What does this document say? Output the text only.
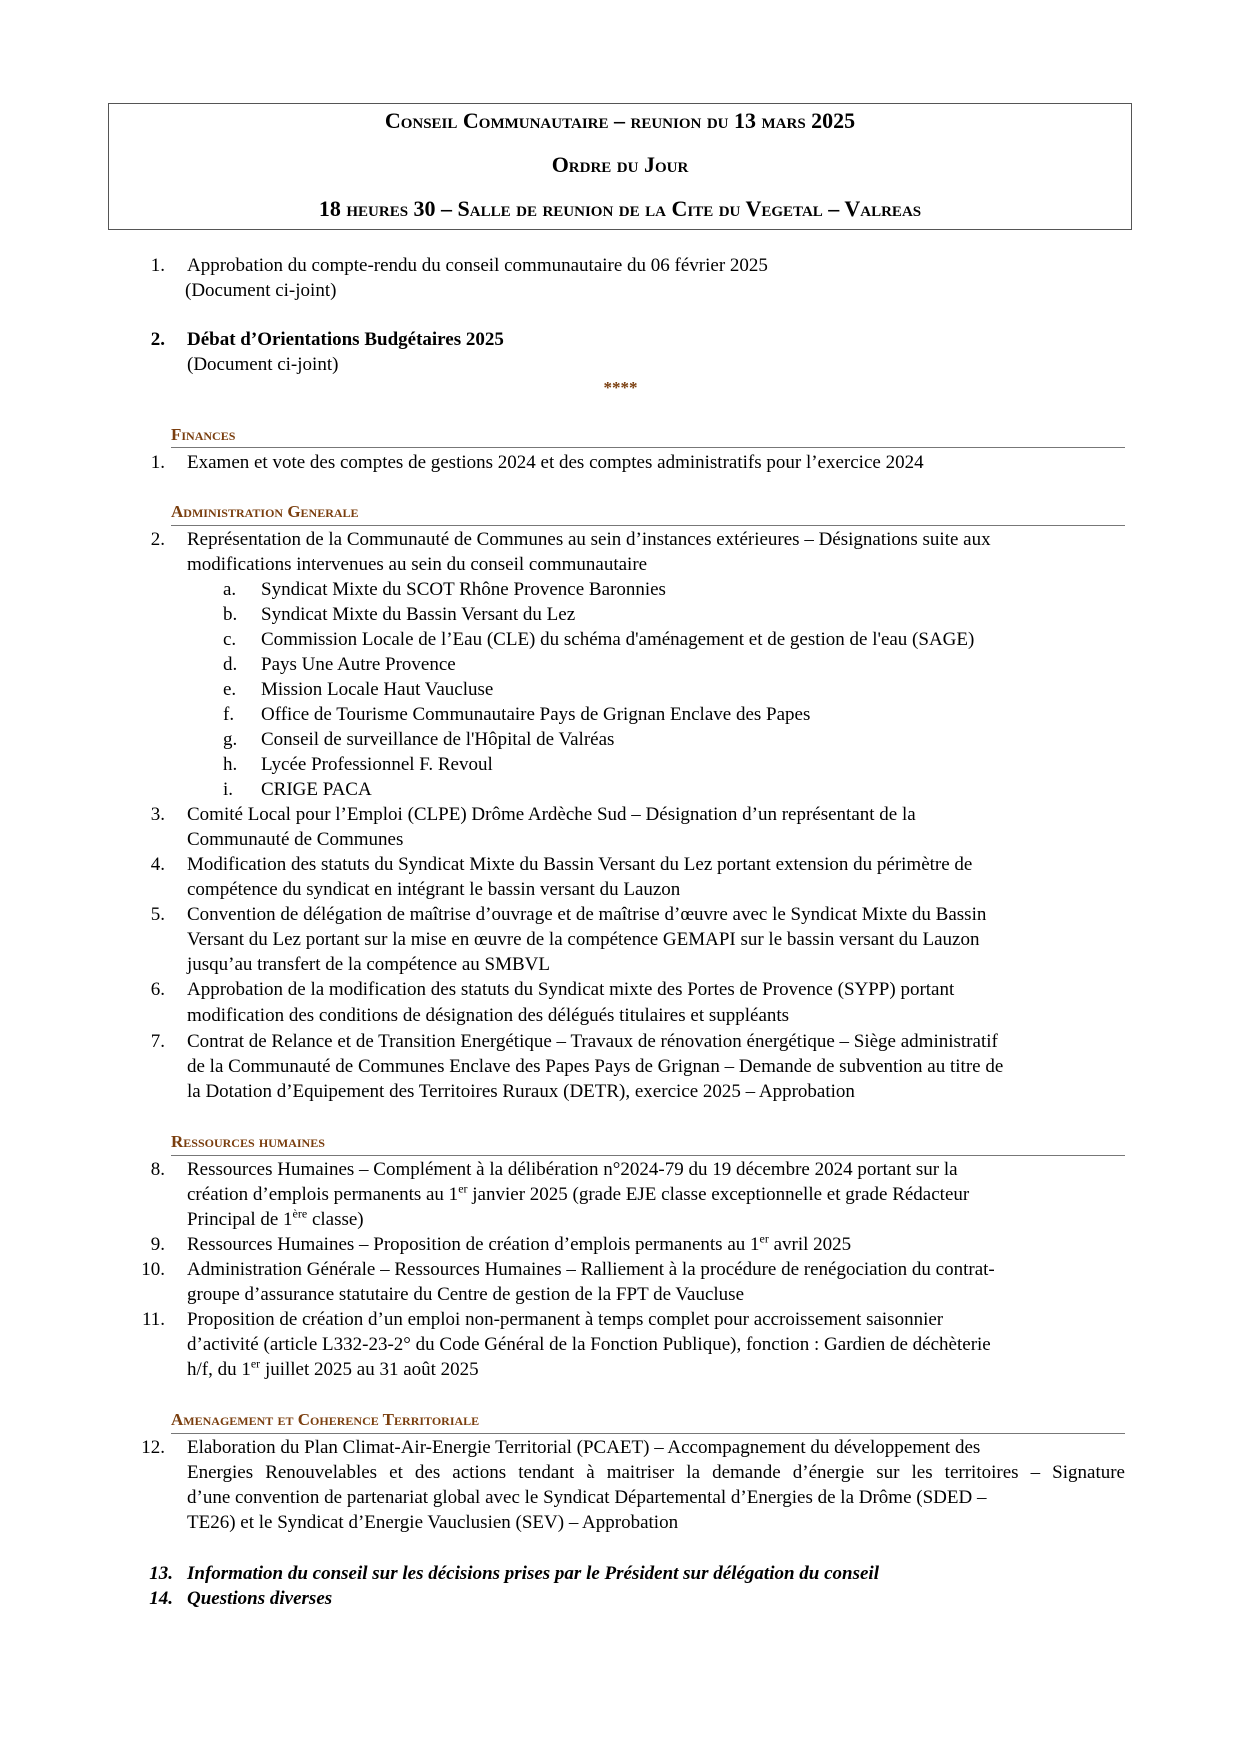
Conseil Communautaire – reunion du 13 mars 2025
Ordre du Jour
18 heures 30 – Salle de reunion de la Cite du Vegetal – Valreas
1. Approbation du compte-rendu du conseil communautaire du 06 février 2025
(Document ci-joint)
2. Débat d’Orientations Budgétaires 2025
(Document ci-joint)
****
Finances
1. Examen et vote des comptes de gestions 2024 et des comptes administratifs pour l’exercice 2024
Administration Generale
2. Représentation de la Communauté de Communes au sein d’instances extérieures – Désignations suite aux
modifications intervenues au sein du conseil communautaire
a. Syndicat Mixte du SCOT Rhône Provence Baronnies
b. Syndicat Mixte du Bassin Versant du Lez
c. Commission Locale de l’Eau (CLE) du schéma d'aménagement et de gestion de l'eau (SAGE)
d. Pays Une Autre Provence
e. Mission Locale Haut Vaucluse
f. Office de Tourisme Communautaire Pays de Grignan Enclave des Papes
g. Conseil de surveillance de l'Hôpital de Valréas
h. Lycée Professionnel F. Revoul
i. CRIGE PACA
3. Comité Local pour l’Emploi (CLPE) Drôme Ardèche Sud – Désignation d’un représentant de la
Communauté de Communes
4. Modification des statuts du Syndicat Mixte du Bassin Versant du Lez portant extension du périmètre de
compétence du syndicat en intégrant le bassin versant du Lauzon
5. Convention de délégation de maîtrise d’ouvrage et de maîtrise d’œuvre avec le Syndicat Mixte du Bassin
Versant du Lez portant sur la mise en œuvre de la compétence GEMAPI sur le bassin versant du Lauzon
jusqu’au transfert de la compétence au SMBVL
6. Approbation de la modification des statuts du Syndicat mixte des Portes de Provence (SYPP) portant
modification des conditions de désignation des délégués titulaires et suppléants
7. Contrat de Relance et de Transition Energétique – Travaux de rénovation énergétique – Siège administratif
de la Communauté de Communes Enclave des Papes Pays de Grignan – Demande de subvention au titre de
la Dotation d’Equipement des Territoires Ruraux (DETR), exercice 2025 – Approbation
Ressources humaines
8. Ressources Humaines – Complément à la délibération n°2024-79 du 19 décembre 2024 portant sur la
création d’emplois permanents au 1er janvier 2025 (grade EJE classe exceptionnelle et grade Rédacteur
Principal de 1ère classe)
9. Ressources Humaines – Proposition de création d’emplois permanents au 1er avril 2025
10. Administration Générale – Ressources Humaines – Ralliement à la procédure de renégociation du contrat-
groupe d’assurance statutaire du Centre de gestion de la FPT de Vaucluse
11. Proposition de création d’un emploi non-permanent à temps complet pour accroissement saisonnier
d’activité (article L332-23-2° du Code Général de la Fonction Publique), fonction : Gardien de déchèterie
h/f, du 1er juillet 2025 au 31 août 2025
Amenagement et Coherence Territoriale
12. Elaboration du Plan Climat-Air-Energie Territorial (PCAET) – Accompagnement du développement des
Energies Renouvelables et des actions tendant à maitriser la demande d’énergie sur les territoires – Signature
d’une convention de partenariat global avec le Syndicat Départemental d’Energies de la Drôme (SDED –
TE26) et le Syndicat d’Energie Vauclusien (SEV) – Approbation
13. Information du conseil sur les décisions prises par le Président sur délégation du conseil
14. Questions diverses
